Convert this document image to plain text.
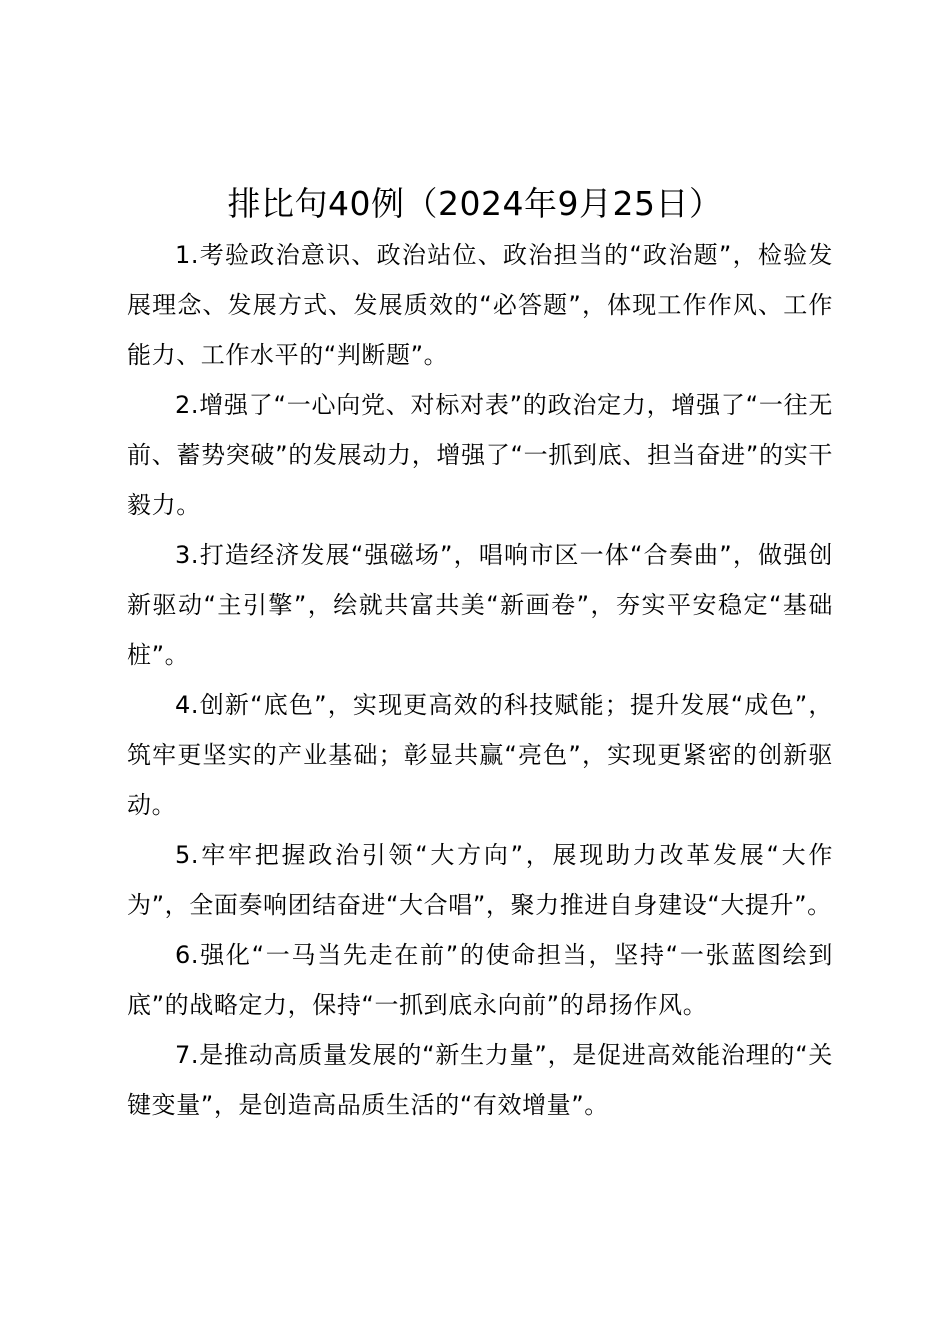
排比句40例（2024年9月25日）

1.考验政治意识、政治站位、政治担当的“政治题”，检验发展理念、发展方式、发展质效的“必答题”，体现工作作风、工作能力、工作水平的“判断题”。

2.增强了“一心向党、对标对表”的政治定力，增强了“一往无前、蓄势突破”的发展动力，增强了“一抓到底、担当奋进”的实干毅力。

3.打造经济发展“强磁场”，唱响市区一体“合奏曲”，做强创新驱动“主引擎”，绘就共富共美“新画卷”，夯实平安稳定“基础桩”。

4.创新“底色”，实现更高效的科技赋能；提升发展“成色”，筑牢更坚实的产业基础；彰显共赢“亮色”，实现更紧密的创新驱动。

5.牢牢把握政治引领“大方向”，展现助力改革发展“大作为”，全面奏响团结奋进“大合唱”，聚力推进自身建设“大提升”。

6.强化“一马当先走在前”的使命担当，坚持“一张蓝图绘到底”的战略定力，保持“一抓到底永向前”的昂扬作风。

7.是推动高质量发展的“新生力量”，是促进高效能治理的“关键变量”，是创造高品质生活的“有效增量”。
